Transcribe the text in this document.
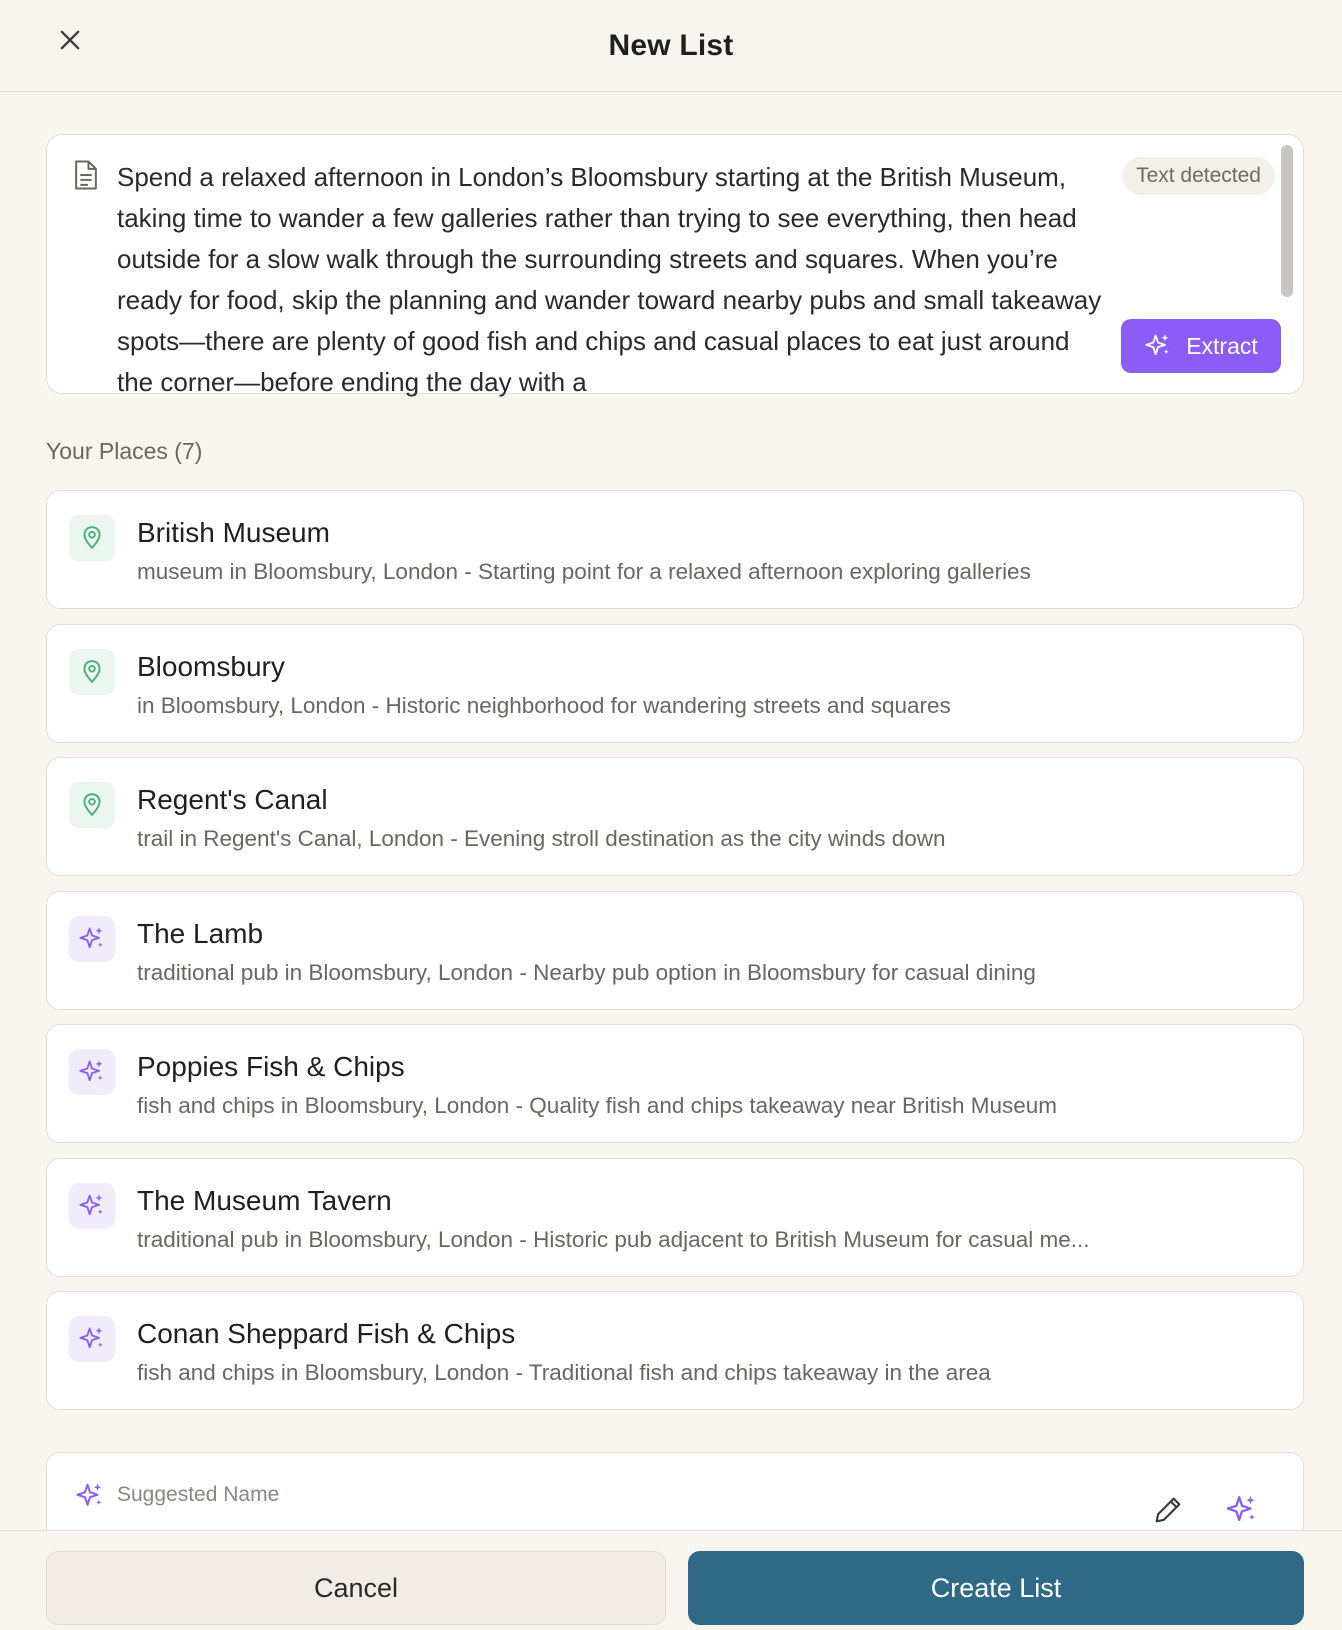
New List
Spend a relaxed afternoon in London’s Bloomsbury starting at the British Museum, taking time to wander a few galleries rather than trying to see everything, then head outside for a slow walk through the surrounding streets and squares. When you’re ready for food, skip the planning and wander toward nearby pubs and small takeaway spots—there are plenty of good fish and chips and casual places to eat just around the corner—before ending the day with a
Text detected
Extract
Your Places (7)
British Museum
museum in Bloomsbury, London - Starting point for a relaxed afternoon exploring galleries
Bloomsbury
in Bloomsbury, London - Historic neighborhood for wandering streets and squares
Regent's Canal
trail in Regent's Canal, London - Evening stroll destination as the city winds down
The Lamb
traditional pub in Bloomsbury, London - Nearby pub option in Bloomsbury for casual dining
Poppies Fish & Chips
fish and chips in Bloomsbury, London - Quality fish and chips takeaway near British Museum
The Museum Tavern
traditional pub in Bloomsbury, London - Historic pub adjacent to British Museum for casual me...
Conan Sheppard Fish & Chips
fish and chips in Bloomsbury, London - Traditional fish and chips takeaway in the area
Suggested Name
Cancel	Create List
